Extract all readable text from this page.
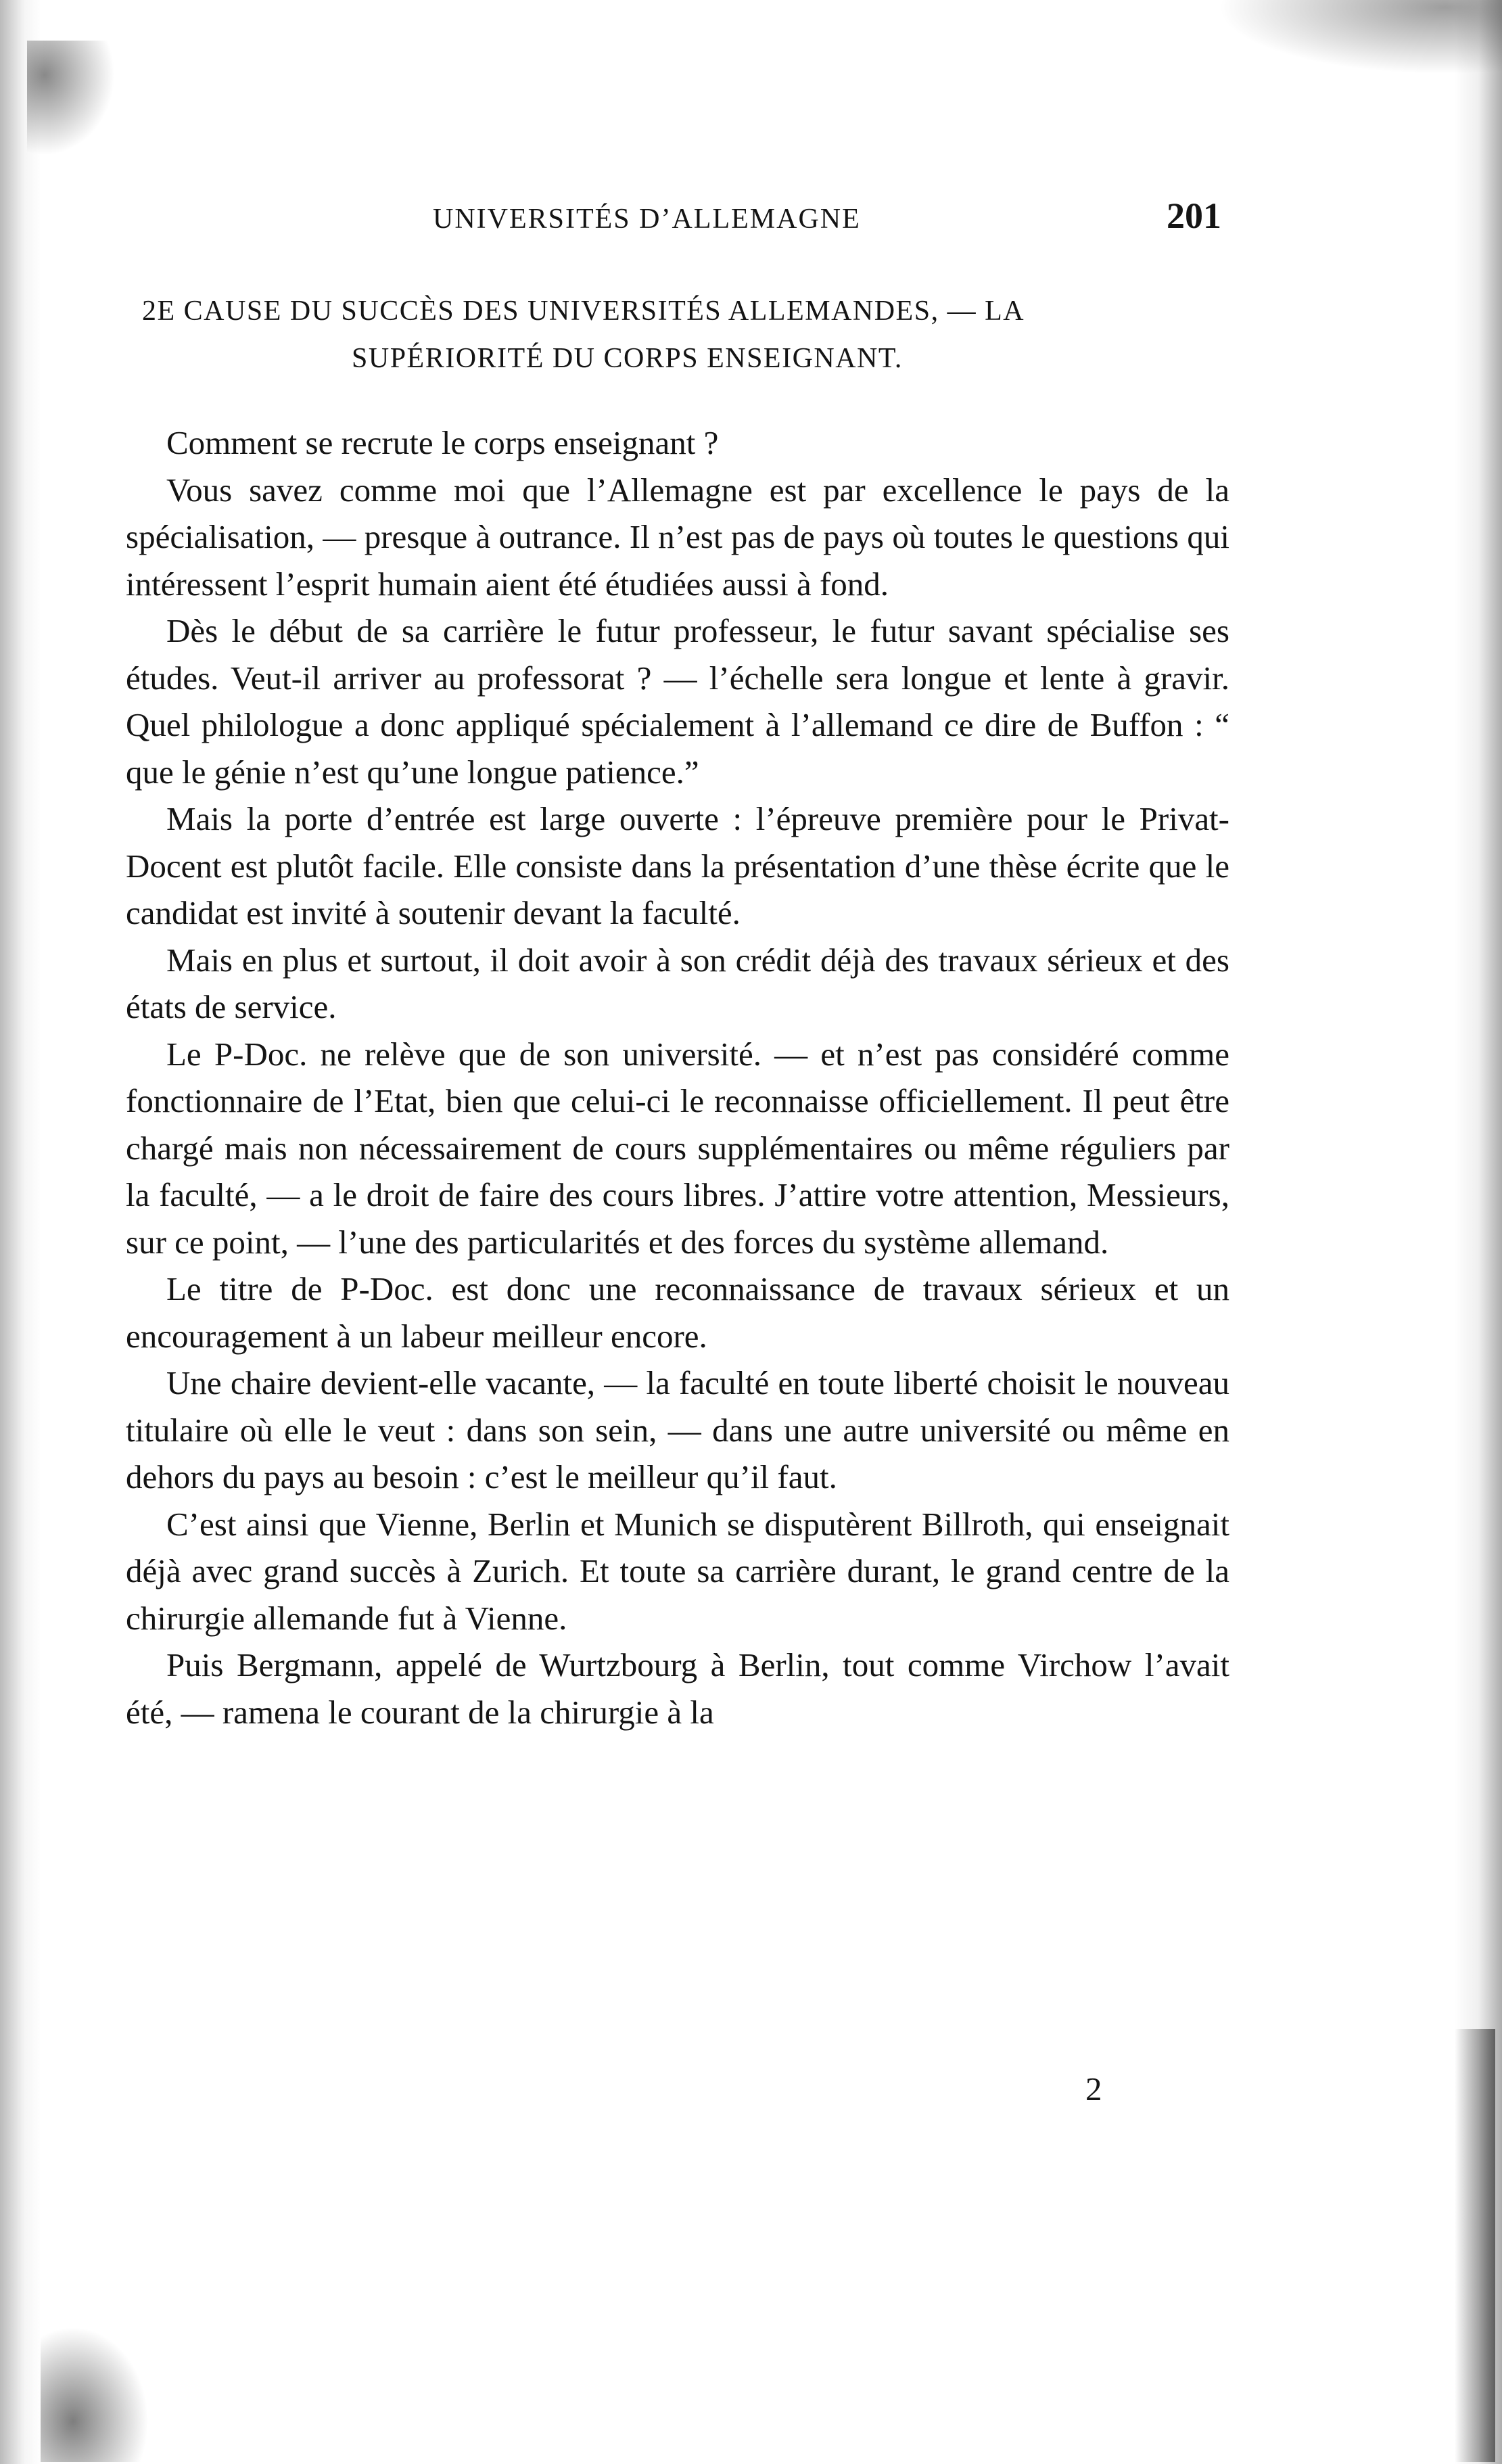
UNIVERSITÉS D’ALLEMAGNE	201
2E CAUSE DU SUCCÈS DES UNIVERSITÉS ALLEMANDES, — LA
SUPÉRIORITÉ DU CORPS ENSEIGNANT.

Comment se recrute le corps enseignant ?

Vous savez comme moi que l’Allemagne est par excellence le pays de la spécialisation, — presque à outrance. Il n’est pas de pays où toutes le questions qui intéressent l’esprit humain aient été étudiées aussi à fond.

Dès le début de sa carrière le futur professeur, le futur savant spécialise ses études. Veut-il arriver au professorat ? — l’échelle sera longue et lente à gravir. Quel philologue a donc appliqué spécialement à l’allemand ce dire de Buffon : “ que le génie n’est qu’une longue patience.”

Mais la porte d’entrée est large ouverte : l’épreuve première pour le Privat-Docent est plutôt facile. Elle consiste dans la présentation d’une thèse écrite que le candidat est invité à soutenir devant la faculté.

Mais en plus et surtout, il doit avoir à son crédit déjà des travaux sérieux et des états de service.

Le P-Doc. ne relève que de son université. — et n’est pas considéré comme fonctionnaire de l’Etat, bien que celui-ci le reconnaisse officiellement. Il peut être chargé mais non nécessairement de cours supplémentaires ou même réguliers par la faculté, — a le droit de faire des cours libres. J’attire votre attention, Messieurs, sur ce point, — l’une des particularités et des forces du système allemand.

Le titre de P-Doc. est donc une reconnaissance de travaux sérieux et un encouragement à un labeur meilleur encore.

Une chaire devient-elle vacante, — la faculté en toute liberté choisit le nouveau titulaire où elle le veut : dans son sein, — dans une autre université ou même en dehors du pays au besoin : c’est le meilleur qu’il faut.

C’est ainsi que Vienne, Berlin et Munich se disputèrent Billroth, qui enseignait déjà avec grand succès à Zurich. Et toute sa carrière durant, le grand centre de la chirurgie allemande fut à Vienne.

Puis Bergmann, appelé de Wurtzbourg à Berlin, tout comme Virchow l’avait été, — ramena le courant de la chirurgie à la

2
